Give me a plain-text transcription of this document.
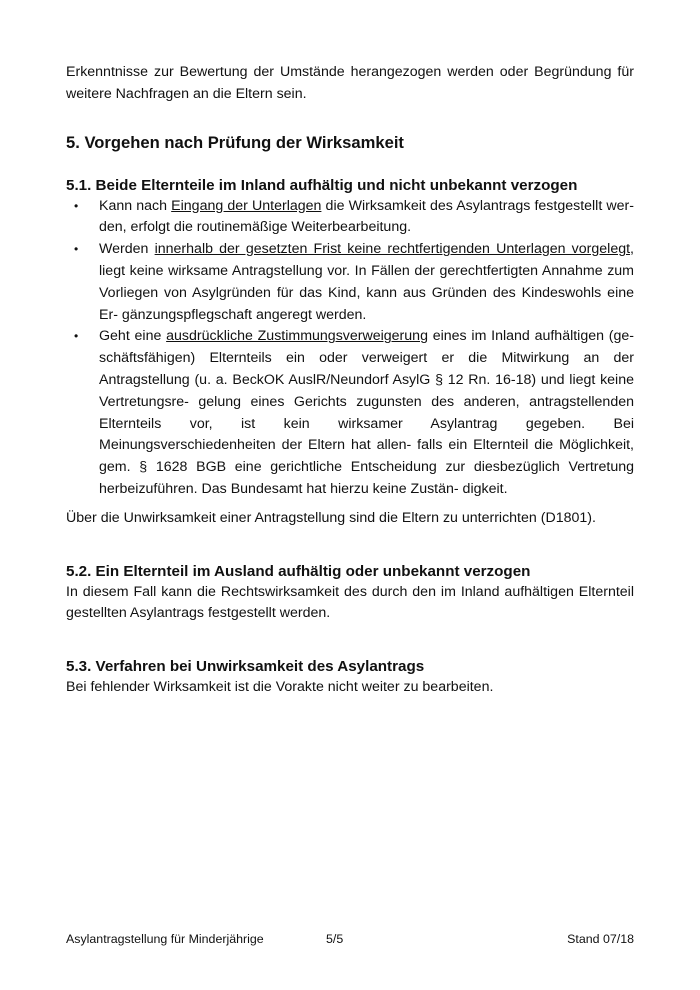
Erkenntnisse zur Bewertung der Umstände herangezogen werden oder Begründung für weitere Nachfragen an die Eltern sein.

5. Vorgehen nach Prüfung der Wirksamkeit
5.1. Beide Elternteile im Inland aufhältig und nicht unbekannt verzogen
• Kann nach Eingang der Unterlagen die Wirksamkeit des Asylantrags festgestellt wer- den, erfolgt die routinemäßige Weiterbearbeitung.
• Werden innerhalb der gesetzten Frist keine rechtfertigenden Unterlagen vorgelegt, liegt keine wirksame Antragstellung vor. In Fällen der gerechtfertigten Annahme zum Vorliegen von Asylgründen für das Kind, kann aus Gründen des Kindeswohls eine Er- gänzungspflegschaft angeregt werden.
• Geht eine ausdrückliche Zustimmungsverweigerung eines im Inland aufhältigen (ge- schäftsfähigen) Elternteils ein oder verweigert er die Mitwirkung an der Antragstellung (u. a. BeckOK AuslR/Neundorf AsylG § 12 Rn. 16-18) und liegt keine Vertretungsre- gelung eines Gerichts zugunsten des anderen, antragstellenden Elternteils vor, ist kein wirksamer Asylantrag gegeben. Bei Meinungsverschiedenheiten der Eltern hat allen- falls ein Elternteil die Möglichkeit, gem. § 1628 BGB eine gerichtliche Entscheidung zur diesbezüglich Vertretung herbeizuführen. Das Bundesamt hat hierzu keine Zustän- digkeit.

Über die Unwirksamkeit einer Antragstellung sind die Eltern zu unterrichten (D1801).

5.2. Ein Elternteil im Ausland aufhältig oder unbekannt verzogen

In diesem Fall kann die Rechtswirksamkeit des durch den im Inland aufhältigen Elternteil gestellten Asylantrags festgestellt werden.

5.3. Verfahren bei Unwirksamkeit des Asylantrags

Bei fehlender Wirksamkeit ist die Vorakte nicht weiter zu bearbeiten.

Asylantragstellung für Minderjährige	5/5	Stand 07/18
